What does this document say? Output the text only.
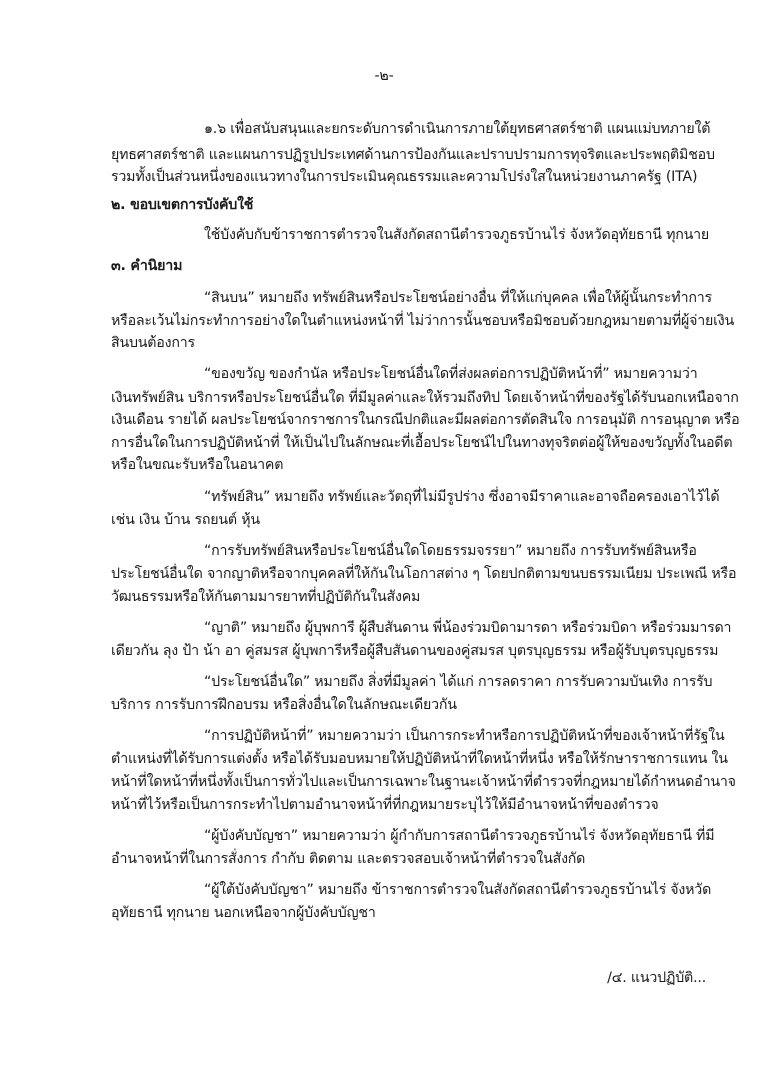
-๒-
๑.๖ เพื่อสนับสนุนและยกระดับการดำเนินการภายใต้ยุทธศาสตร์ชาติ แผนแม่บทภายใต้
ยุทธศาสตร์ชาติ และแผนการปฏิรูปประเทศด้านการป้องกันและปราบปรามการทุจริตและประพฤติมิชอบ
รวมทั้งเป็นส่วนหนึ่งของแนวทางในการประเมินคุณธรรมและความโปร่งใสในหน่วยงานภาครัฐ (ITA)
๒. ขอบเขตการบังคับใช้
ใช้บังคับกับข้าราชการตำรวจในสังกัดสถานีตำรวจภูธรบ้านไร่ จังหวัดอุทัยธานี ทุกนาย
๓. คำนิยาม
“สินบน” หมายถึง ทรัพย์สินหรือประโยชน์อย่างอื่น ที่ให้แก่บุคคล เพื่อให้ผู้นั้นกระทำการ
หรือละเว้นไม่กระทำการอย่างใดในตำแหน่งหน้าที่ ไม่ว่าการนั้นชอบหรือมิชอบด้วยกฎหมายตามที่ผู้จ่ายเงิน
สินบนต้องการ
“ของขวัญ ของกำนัล หรือประโยชน์อื่นใดที่ส่งผลต่อการปฏิบัติหน้าที่” หมายความว่า
เงินทรัพย์สิน บริการหรือประโยชน์อื่นใด ที่มีมูลค่าและให้รวมถึงทิป โดยเจ้าหน้าที่ของรัฐได้รับนอกเหนือจาก
เงินเดือน รายได้ ผลประโยชน์จากราชการในกรณีปกติและมีผลต่อการตัดสินใจ การอนุมัติ การอนุญาต หรือ
การอื่นใดในการปฏิบัติหน้าที่ ให้เป็นไปในลักษณะที่เอื้อประโยชน์ไปในทางทุจริตต่อผู้ให้ของขวัญทั้งในอดีต
หรือในขณะรับหรือในอนาคต
“ทรัพย์สิน” หมายถึง ทรัพย์และวัตถุที่ไม่มีรูปร่าง ซึ่งอาจมีราคาและอาจถือครองเอาไว้ได้
เช่น เงิน บ้าน รถยนต์ หุ้น
“การรับทรัพย์สินหรือประโยชน์อื่นใดโดยธรรมจรรยา” หมายถึง การรับทรัพย์สินหรือ
ประโยชน์อื่นใด จากญาติหรือจากบุคคลที่ให้กันในโอกาสต่าง ๆ โดยปกติตามขนบธรรมเนียม ประเพณี หรือ
วัฒนธรรมหรือให้กันตามมารยาทที่ปฏิบัติกันในสังคม
“ญาติ” หมายถึง ผู้บุพการี ผู้สืบสันดาน พี่น้องร่วมบิดามารดา หรือร่วมบิดา หรือร่วมมารดา
เดียวกัน ลุง ป้า น้า อา คู่สมรส ผู้บุพการีหรือผู้สืบสันดานของคู่สมรส บุตรบุญธรรม หรือผู้รับบุตรบุญธรรม
“ประโยชน์อื่นใด” หมายถึง สิ่งที่มีมูลค่า ได้แก่ การลดราคา การรับความบันเทิง การรับ
บริการ การรับการฝึกอบรม หรือสิ่งอื่นใดในลักษณะเดียวกัน
“การปฏิบัติหน้าที่” หมายความว่า เป็นการกระทำหรือการปฏิบัติหน้าที่ของเจ้าหน้าที่รัฐใน
ตำแหน่งที่ได้รับการแต่งตั้ง หรือได้รับมอบหมายให้ปฏิบัติหน้าที่ใดหน้าที่หนึ่ง หรือให้รักษาราชการแทน ใน
หน้าที่ใดหน้าที่หนึ่งทั้งเป็นการทั่วไปและเป็นการเฉพาะในฐานะเจ้าหน้าที่ตำรวจที่กฎหมายได้กำหนดอำนาจ
หน้าที่ไว้หรือเป็นการกระทำไปตามอำนาจหน้าที่ที่กฎหมายระบุไว้ให้มีอำนาจหน้าที่ของตำรวจ
“ผู้บังคับบัญชา” หมายความว่า ผู้กำกับการสถานีตำรวจภูธรบ้านไร่ จังหวัดอุทัยธานี ที่มี
อำนาจหน้าที่ในการสั่งการ กำกับ ติดตาม และตรวจสอบเจ้าหน้าที่ตำรวจในสังกัด
“ผู้ใต้บังคับบัญชา” หมายถึง ข้าราชการตำรวจในสังกัดสถานีตำรวจภูธรบ้านไร่ จังหวัด
อุทัยธานี ทุกนาย นอกเหนือจากผู้บังคับบัญชา
/๔. แนวปฏิบัติ...
